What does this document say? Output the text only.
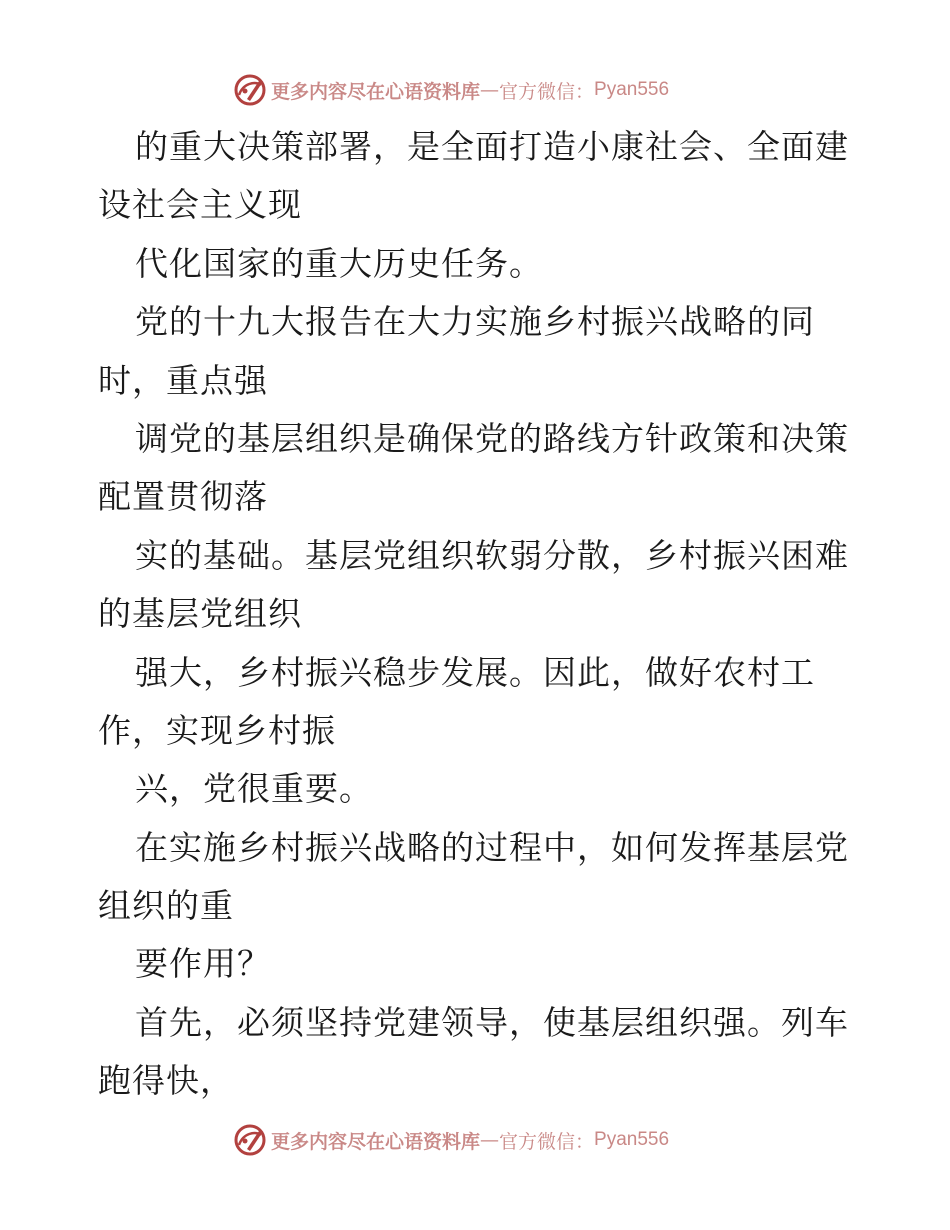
更多内容尽在心语资料库 — 官方微信： Pyan556
的重大决策部署，是全面打造小康社会、全面建
设社会主义现
代化国家的重大历史任务。
党的十九大报告在大力实施乡村振兴战略的同
时，重点强
调党的基层组织是确保党的路线方针政策和决策
配置贯彻落
实的基础。基层党组织软弱分散，乡村振兴困难
的基层党组织
强大，乡村振兴稳步发展。因此，做好农村工
作，实现乡村振
兴，党很重要。
在实施乡村振兴战略的过程中，如何发挥基层党
组织的重
要作用？
首先，必须坚持党建领导，使基层组织强。列车
跑得快，
更多内容尽在心语资料库 — 官方微信： Pyan556
